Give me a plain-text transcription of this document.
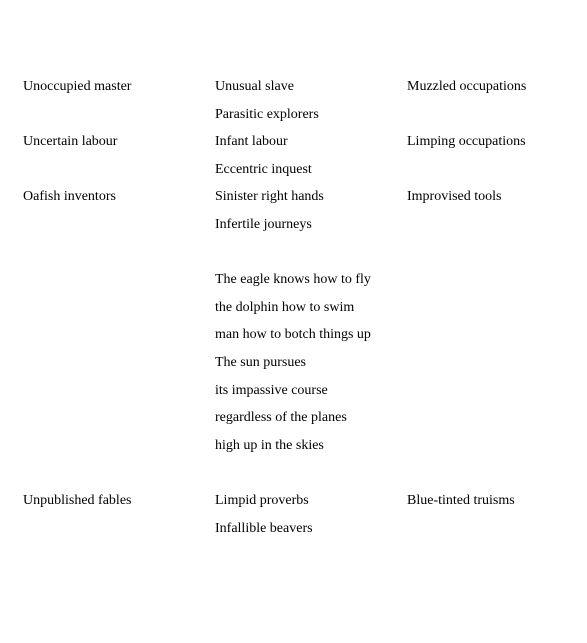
Unoccupied master
Uncertain labour
Oafish inventors
Unpublished fables
Unusual slave
Parasitic explorers
Infant labour
Eccentric inquest
Sinister right hands
Infertile journeys
The eagle knows how to fly
the dolphin how to swim
man how to botch things up
The sun pursues
its impassive course
regardless of the planes
high up in the skies
Limpid proverbs
Infallible beavers
Muzzled occupations
Limping occupations
Improvised tools
Blue-tinted truisms
